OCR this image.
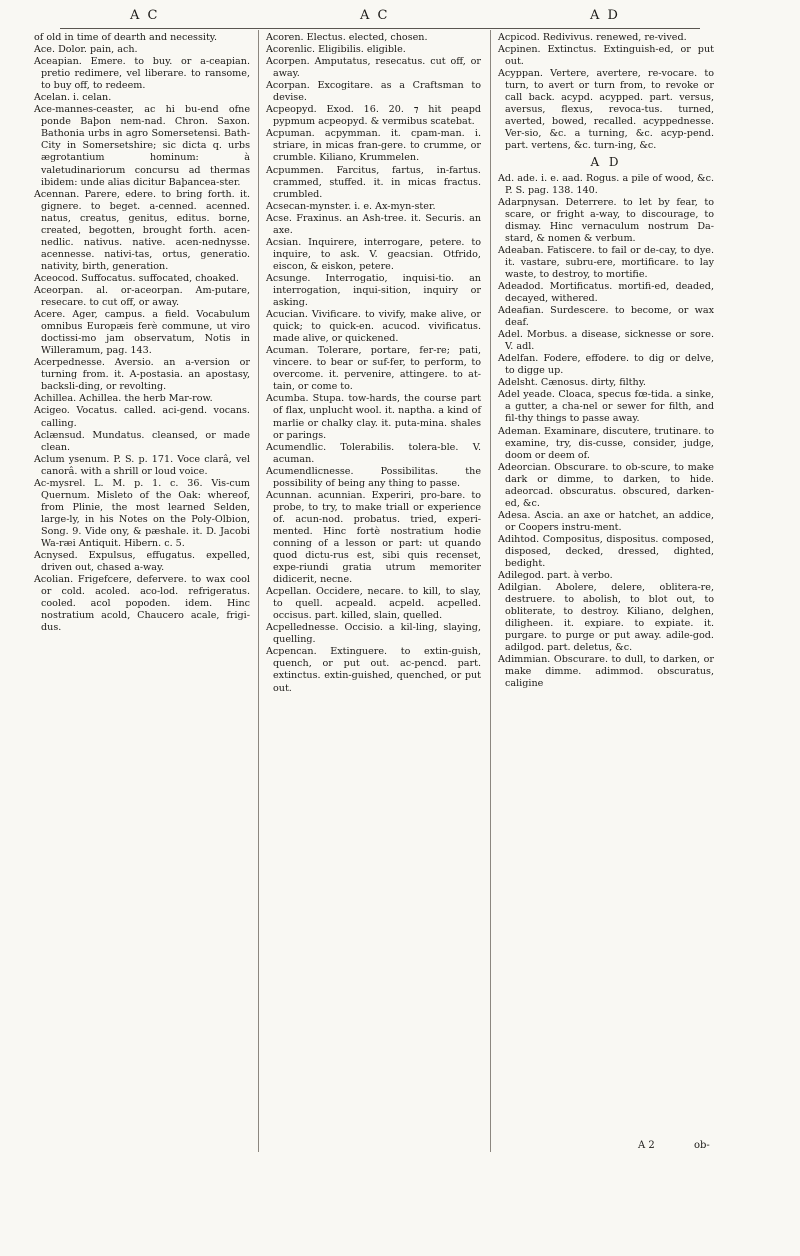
A C	A C	A D
of old in time of dearth and necessity.
Ace. Dolor. pain, ach.
Aceapian. Emere. to buy. or a-ceapian. pretio redimere, vel liberare. to ransome, to buy off, to redeem.
Acelan. i. celan.
Ace-mannes-ceaster, ac hi bu-end ofne ponde Baþon nem-nad. Chron. Saxon. Bathonia urbs in agro Somersetensi. Bath-City in Somersetshire; sic dicta q. urbs ægrotantium hominum: à valetudinariorum concursu ad thermas ibidem: unde alias dicitur Baþancea-ster.
Acennan. Parere, edere. to bring forth. it. gignere. to beget. a-cenned. acenned. natus, creatus, genitus, editus. borne, created, begotten, brought forth. acen-nedlic. nativus. native. acen-nednysse. acennesse. nativi-tas, ortus, generatio. nativity, birth, generation.
Aceocod. Suffocatus. suffocated, choaked.
Aceorpan. al. or-aceorpan. Am-putare, resecare. to cut off, or away.
Acere. Ager, campus. a field. Vocabulum omnibus Europæis ferè commune, ut viro doctissi-mo jam observatum, Notis in Willeramum, pag. 143.
Acerpednesse. Aversio. an a-version or turning from. it. A-postasia. an apostasy, backsli-ding, or revolting.
Achillea. Achillea. the herb Mar-row.
Acigeo. Vocatus. called. aci-gend. vocans. calling.
Aclænsud. Mundatus. cleansed, or made clean.
Aclum ysenum. P. S. p. 171. Voce clarâ, vel canorâ. with a shrill or loud voice.
Ac-mysrel. L. M. p. 1. c. 36. Vis-cum Quernum. Misleto of the Oak: whereof, from Plinie, the most learned Selden, large-ly, in his Notes on the Poly-Olbion, Song. 9. Vide ony, & pæshale. it. D. Jacobi Wa-ræi Antiquit. Hibern. c. 5.
Acnysed. Expulsus, effugatus. expelled, driven out, chased a-way.
Acolian. Frigefcere, defervere. to wax cool or cold. acoled. aco-lod. refrigeratus. cooled. acol popoden. idem. Hinc nostratium acold, Chaucero acale, frigi-dus.
Acoren. Electus. elected, chosen.
Acorenlic. Eligibilis. eligible.
Acorpen. Amputatus, resecatus. cut off, or away.
Acorpan. Excogitare. as a Craftsman to devise.
Acpeopyd. Exod. 16. 20. ⁊ hit peapd pypmum acpeopyd. & vermibus scatebat.
Acpuman. acpymman. it. cpam-man. i. striare, in micas fran-gere. to crumme, or crumble. Kiliano, Krummelen.
Acpummen. Farcitus, fartus, in-fartus. crammed, stuffed. it. in micas fractus. crumbled.
Acsecan-mynster. i. e. Ax-myn-ster.
Acse. Fraxinus. an Ash-tree. it. Securis. an axe.
Acsian. Inquirere, interrogare, petere. to inquire, to ask. V. geacsian. Otfrido, eiscon, & eiskon, petere.
Acsunge. Interrogatio, inquisi-tio. an interrogation, inqui-sition, inquiry or asking.
Acucian. Vivificare. to vivify, make alive, or quick; to quick-en. acucod. vivificatus. made alive, or quickened.
Acuman. Tolerare, portare, fer-re; pati, vincere. to bear or suf-fer, to perform, to overcome. it. pervenire, attingere. to at-tain, or come to.
Acumba. Stupa. tow-hards, the course part of flax, unplucht wool. it. naptha. a kind of marlie or chalky clay. it. puta-mina. shales or parings.
Acumendlic. Tolerabilis. tolera-ble. V. acuman.
Acumendlicnesse. Possibilitas. the possibility of being any thing to passe.
Acunnan. acunnian. Experiri, pro-bare. to probe, to try, to make triall or experience of. acun-nod. probatus. tried, experi-mented. Hinc fortè nostratium hodie conning of a lesson or part: ut quando quod dictu-rus est, sibi quis recenset, expe-riundi gratia utrum memoriter didicerit, necne.
Acpellan. Occidere, necare. to kill, to slay, to quell. acpeald. acpeld. acpelled. occisus. part. killed, slain, quelled.
Acpellednesse. Occisio. a kil-ling, slaying, quelling.
Acpencan. Extinguere. to extin-guish, quench, or put out. ac-pencd. part. extinctus. extin-guished, quenched, or put out.
Acpicod. Redivivus. renewed, re-vived.
Acpinen. Extinctus. Extinguish-ed, or put out.
Acyppan. Vertere, avertere, re-vocare. to turn, to avert or turn from, to revoke or call back. acypd. acypped. part. versus, aversus, flexus, revoca-tus. turned, averted, bowed, recalled. acyppednesse. Ver-sio, &c. a turning, &c. acyp-pend. part. vertens, &c. turn-ing, &c.
A D
Ad. ade. i. e. aad. Rogus. a pile of wood, &c. P. S. pag. 138. 140.
Adarpnysan. Deterrere. to let by fear, to scare, or fright a-way, to discourage, to dismay. Hinc vernaculum nostrum Da-stard, & nomen & verbum.
Adeaban. Fatiscere. to fail or de-cay, to dye. it. vastare, subru-ere, mortificare. to lay waste, to destroy, to mortifie.
Adeadod. Mortificatus. mortifi-ed, deaded, decayed, withered.
Adeafian. Surdescere. to become, or wax deaf.
Adel. Morbus. a disease, sicknesse or sore. V. adl.
Adelfan. Fodere, effodere. to dig or delve, to digge up.
Adelsht. Cænosus. dirty, filthy.
Adel yeade. Cloaca, specus fœ-tida. a sinke, a gutter, a cha-nel or sewer for filth, and fil-thy things to passe away.
Ademan. Examinare, discutere, trutinare. to examine, try, dis-cusse, consider, judge, doom or deem of.
Adeorcian. Obscurare. to ob-scure, to make dark or dimme, to darken, to hide. adeorcad. obscuratus. obscured, darken-ed, &c.
Adesa. Ascia. an axe or hatchet, an addice, or Coopers instru-ment.
Adihtod. Compositus, dispositus. composed, disposed, decked, dressed, dighted, bedight.
Adilegod. part. à verbo.
Adilgian. Abolere, delere, oblitera-re, destruere. to abolish, to blot out, to obliterate, to destroy. Kiliano, delghen, diligheen. it. expiare. to expiate. it. purgare. to purge or put away. adile-god. adilgod. part. deletus, &c.
Adimmian. Obscurare. to dull, to darken, or make dimme. adimmod. obscuratus, caligine
A 2	ob-
